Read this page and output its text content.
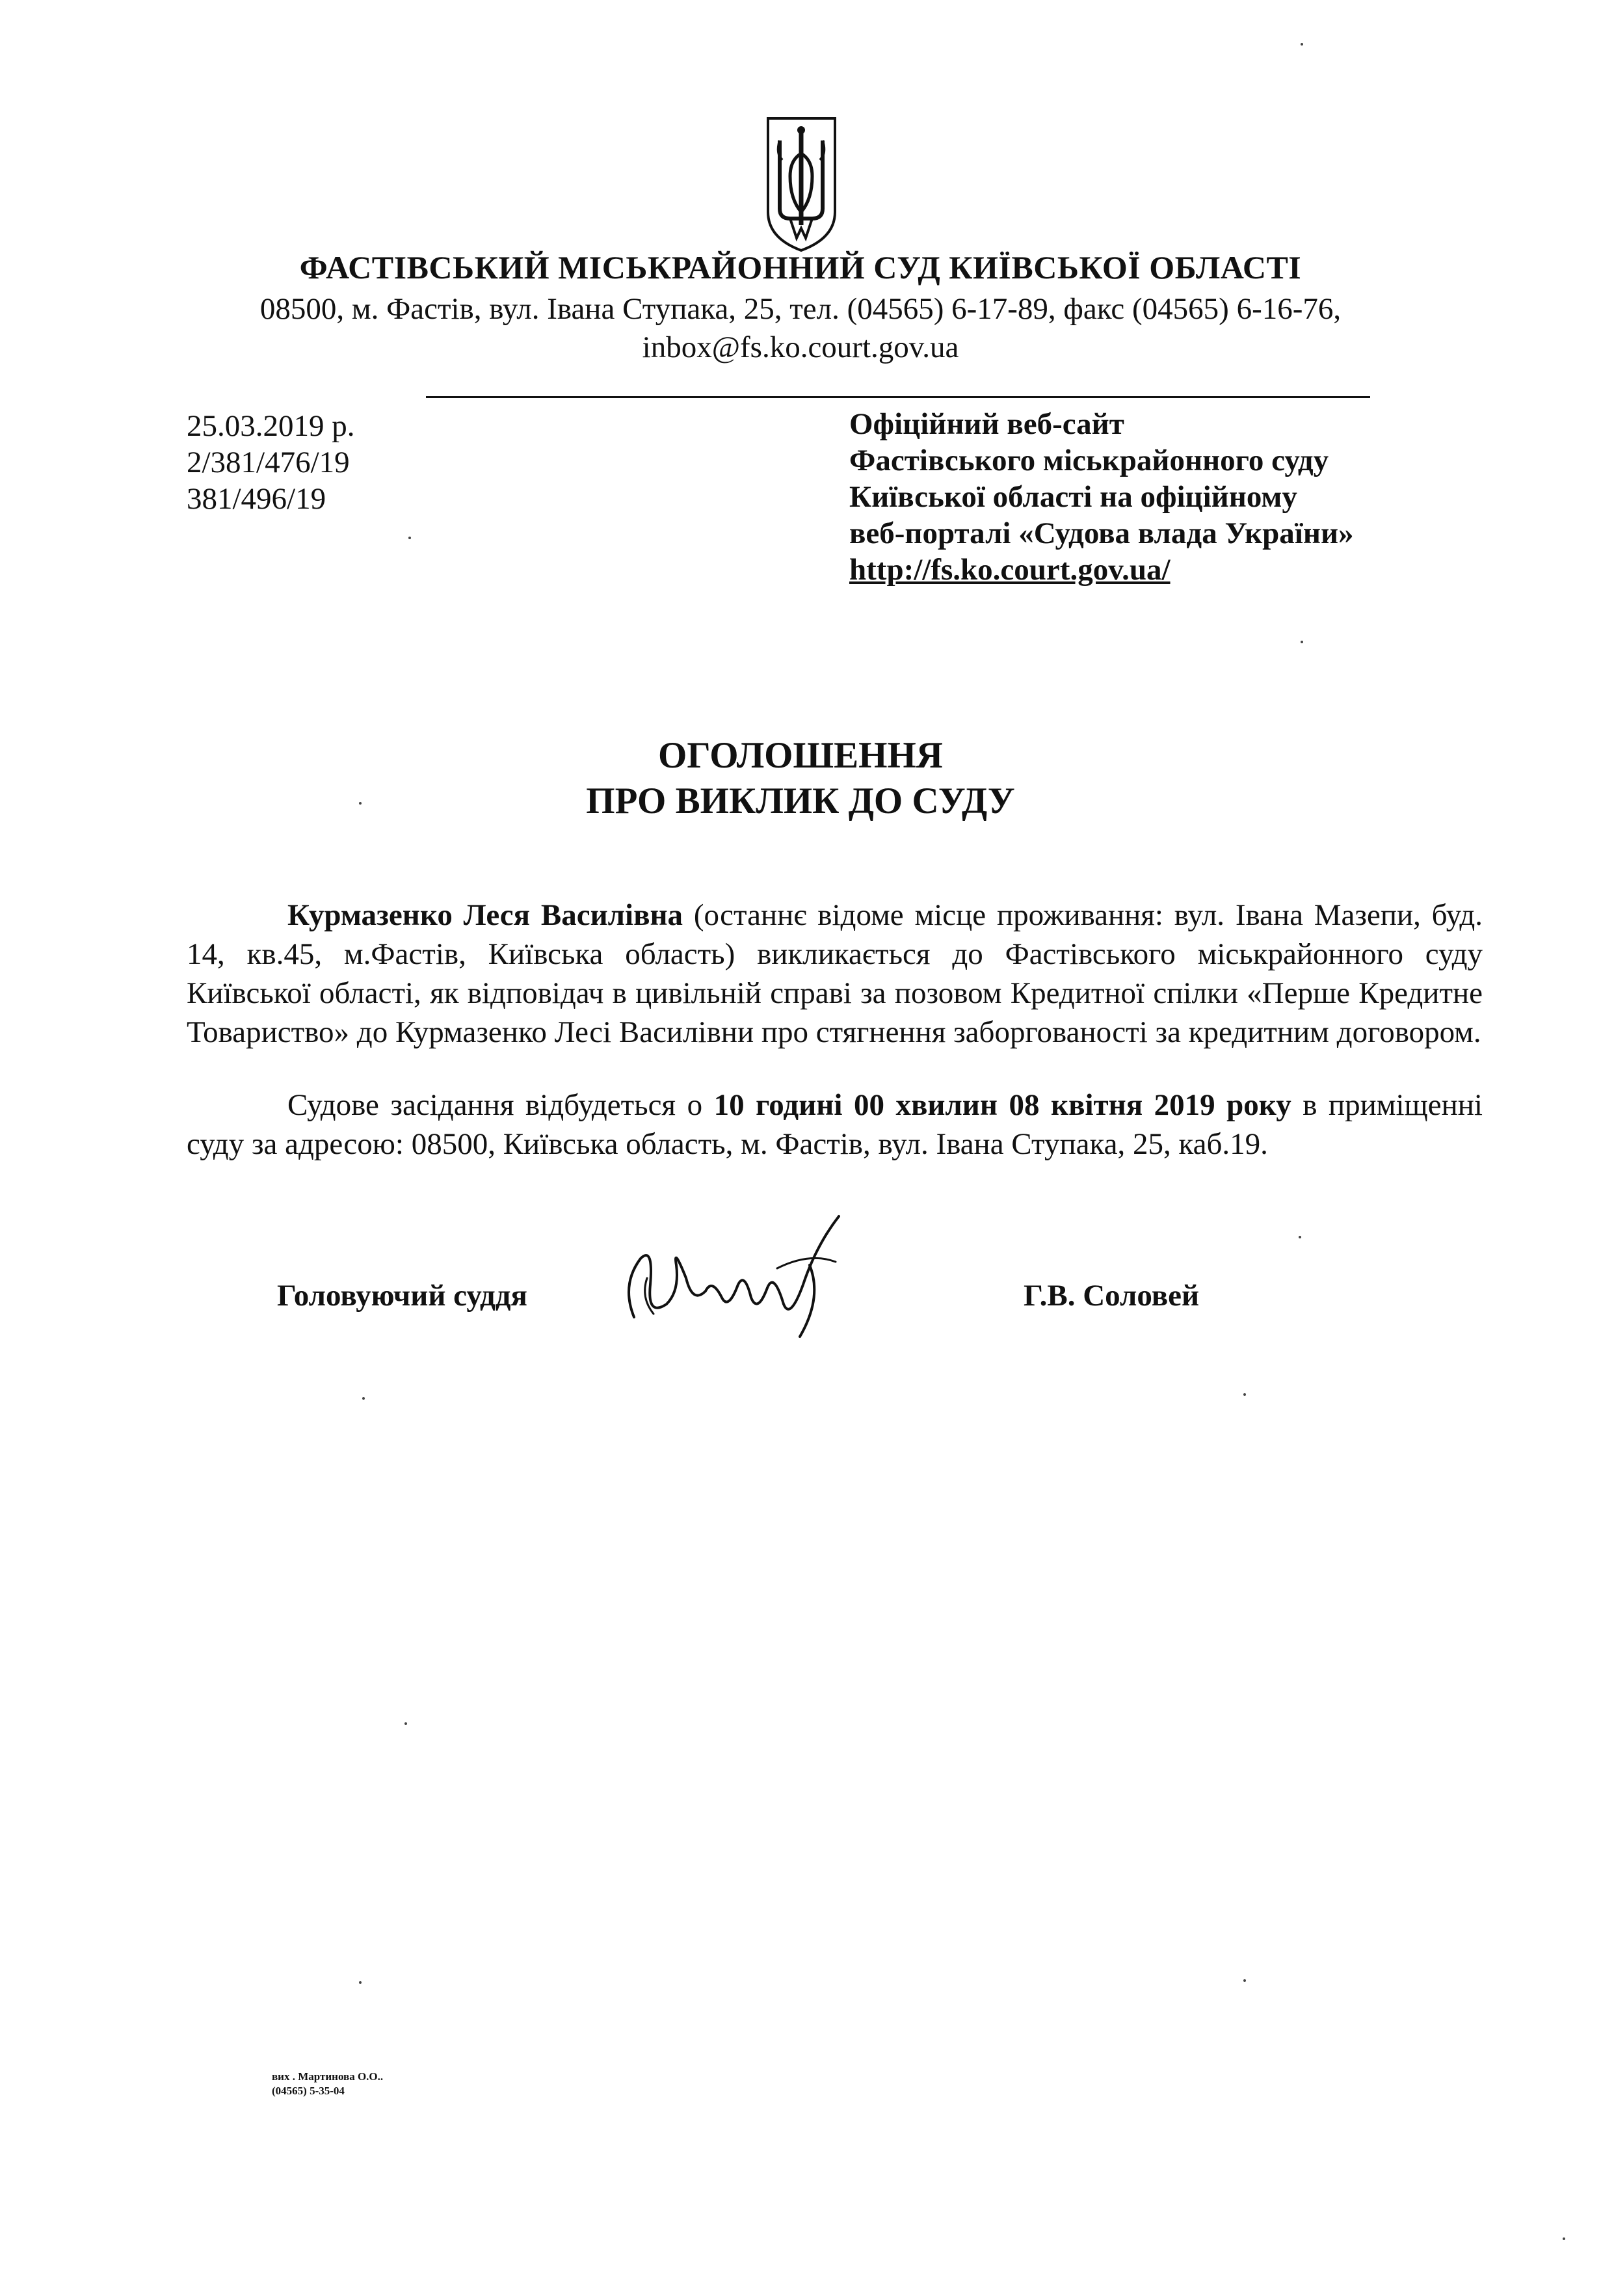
ФАСТІВСЬКИЙ МІСЬКРАЙОННИЙ СУД КИЇВСЬКОЇ ОБЛАСТІ
08500, м. Фастів, вул. Івана Ступака, 25, тел. (04565) 6-17-89, факс (04565) 6-16-76,
inbox@fs.ko.court.gov.ua
25.03.2019 р.
2/381/476/19
381/496/19
Офіційний веб-сайт
Фастівського міськрайонного суду
Київської області на офіційному
веб-порталі «Судова влада України»
http://fs.ko.court.gov.ua/
ОГОЛОШЕННЯ
ПРО ВИКЛИК ДО СУДУ
Курмазенко Леся Василівна (останнє відоме місце проживання: вул. Івана Мазепи, буд. 14, кв.45, м.Фастів, Київська область) викликається до Фастівського міськрайонного суду Київської області, як відповідач в цивільній справі за позовом Кредитної спілки «Перше Кредитне Товариство» до Курмазенко Лесі Василівни про стягнення заборгованості за кредитним договором.
Судове засідання відбудеться о 10 годині 00 хвилин 08 квітня 2019 року в приміщенні суду за адресою: 08500, Київська область, м. Фастів, вул. Івана Ступака, 25, каб.19.
Головуючий суддя	Г.В. Соловей
вих . Мартинова О.О..
(04565) 5-35-04
